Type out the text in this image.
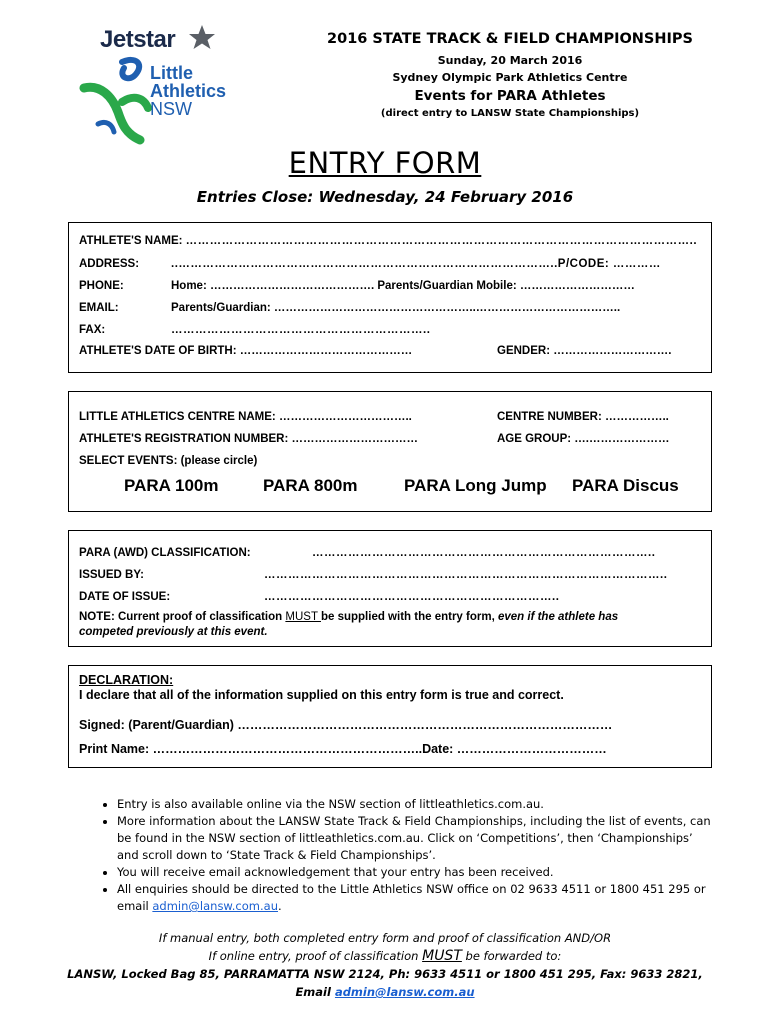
Jetstar
Little
Athletics
NSW
2016 STATE TRACK & FIELD CHAMPIONSHIPS
Sunday, 20 March 2016
Sydney Olympic Park Athletics Centre
Events for PARA Athletes
(direct entry to LANSW State Championships)
ENTRY FORM
Entries Close: Wednesday, 24 February 2016
ATHLETE'S NAME: ………………………………………………………………………………………………………………..
ADDRESS:	..…………………………………………………………………………………..P/CODE: …………
PHONE:	Home: ……………………………………. Parents/Guardian Mobile: …………………………
EMAIL:	Parents/Guardian: ……………………………………………..………………………………..
FAX:	………………………………………………………..
ATHLETE'S DATE OF BIRTH: ………………………………………	GENDER: ………………………….
LITTLE ATHLETICS CENTRE NAME: ……………………………..	CENTRE NUMBER: ……………..
ATHLETE'S REGISTRATION NUMBER: ……………………………	AGE GROUP: ….…………………
SELECT EVENTS: (please circle)
PARA 100m	PARA 800m	PARA Long Jump PARA Discus
PARA (AWD) CLASSIFICATION:	…………………………………………………………………………..
ISSUED BY:	………………………………………………………………………………………..
DATE OF ISSUE:	………………………………………………………………..
NOTE: Current proof of classification MUST be supplied with the entry form, even if the athlete has
competed previously at this event.
DECLARATION:
I declare that all of the information supplied on this entry form is true and correct.
Signed: (Parent/Guardian) ………………………………………………………………………………
Print Name: ………………………………………………………..Date: ………………………………
• Entry is also available online via the NSW section of littleathletics.com.au.
• More information about the LANSW State Track & Field Championships, including the list of events, can be found in the NSW section of littleathletics.com.au. Click on ‘Competitions’, then ‘Championships’ and scroll down to ‘State Track & Field Championships’.
• You will receive email acknowledgement that your entry has been received.
• All enquiries should be directed to the Little Athletics NSW office on 02 9633 4511 or 1800 451 295 or email admin@lansw.com.au.
If manual entry, both completed entry form and proof of classification AND/OR
If online entry, proof of classification MUST be forwarded to:
LANSW, Locked Bag 85, PARRAMATTA NSW 2124, Ph: 9633 4511 or 1800 451 295, Fax: 9633 2821,
Email admin@lansw.com.au
